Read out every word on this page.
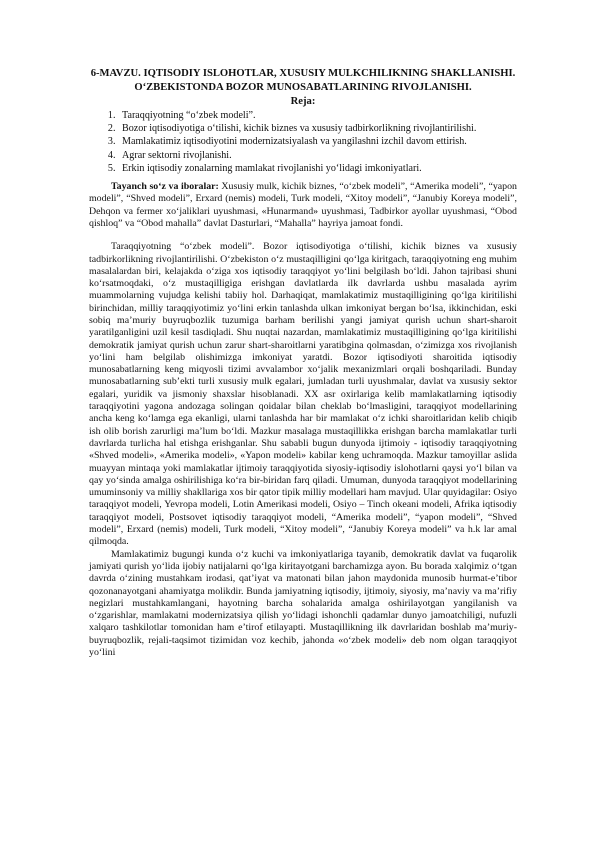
6-MAVZU. IQTISODIY ISLOHOTLAR, XUSUSIY MULKCHILIKNING SHAKLLANISHI. O‘ZBEKISTONDA BOZOR MUNOSABATLARINING RIVOJLANISHI.
Reja:
1. Taraqqiyotning “o‘zbek modeli”.
2. Bozor iqtisodiyotiga o‘tilishi, kichik biznes va xususiy tadbirkorlikning rivojlantirilishi.
3. Mamlakatimiz iqtisodiyotini modernizatsiyalash va yangilashni izchil davom ettirish.
4. Agrar sektorni rivojlanishi.
5. Erkin iqtisodiy zonalarning mamlakat rivojlanishi yo‘lidagi imkoniyatlari.

Tayanch so‘z va iboralar: Xususiy mulk, kichik biznes, “o‘zbek modeli”, “Amerika modeli”, “yapon modeli”, “Shved modeli”, Erxard (nemis) modeli, Turk modeli, “Xitoy modeli”, “Janubiy Koreya modeli”, Dehqon va fermer xo‘jaliklari uyushmasi, «Hunarmand» uyushmasi, Tadbirkor ayollar uyushmasi, “Obod qishloq” va “Obod mahalla” davlat Dasturlari, “Mahalla” hayriya jamoat fondi.

Taraqqiyotning “o‘zbek modeli”. Bozor iqtisodiyotiga o‘tilishi, kichik biznes va xususiy tadbirkorlikning rivojlantirilishi. O‘zbekiston o‘z mustaqilligini qo‘lga kiritgach, taraqqiyotning eng muhim masalalardan biri, kelajakda o‘ziga xos iqtisodiy taraqqiyot yo‘lini belgilash bo‘ldi. Jahon tajribasi shuni ko‘rsatmoqdaki, o‘z mustaqilligiga erishgan davlatlarda ilk davrlarda ushbu masalada ayrim muammolarning vujudga kelishi tabiiy hol. Darhaqiqat, mamlakatimiz mustaqilligining qo‘lga kiritilishi birinchidan, milliy taraqqiyotimiz yo‘lini erkin tanlashda ulkan imkoniyat bergan bo‘lsa, ikkinchidan, eski sobiq ma’muriy buyruqbozlik tuzumiga barham berilishi yangi jamiyat qurish uchun shart-sharoit yaratilganligini uzil kesil tasdiqladi. Shu nuqtai nazardan, mamlakatimiz mustaqilligining qo‘lga kiritilishi demokratik jamiyat qurish uchun zarur shart-sharoitlarni yaratibgina qolmasdan, o‘zimizga xos rivojlanish yo‘lini ham belgilab olishimizga imkoniyat yaratdi. Bozor iqtisodiyoti sharoitida iqtisodiy munosabatlarning keng miqyosli tizimi avvalambor xo‘jalik mexanizmlari orqali boshqariladi. Bunday munosabatlarning sub’ekti turli xususiy mulk egalari, jumladan turli uyushmalar, davlat va xususiy sektor egalari, yuridik va jismoniy shaxslar hisoblanadi. XX asr oxirlariga kelib mamlakatlarning iqtisodiy taraqqiyotini yagona andozaga solingan qoidalar bilan cheklab bo‘lmasligini, taraqqiyot modellarining ancha keng ko‘lamga ega ekanligi, ularni tanlashda har bir mamlakat o‘z ichki sharoitlaridan kelib chiqib ish olib borish zarurligi ma’lum bo‘ldi. Mazkur masalaga mustaqillikka erishgan barcha mamlakatlar turli davrlarda turlicha hal etishga erishganlar. Shu sababli bugun dunyoda ijtimoiy - iqtisodiy taraqqiyotning «Shved modeli», «Amerika modeli», «Yapon modeli» kabilar keng uchramoqda. Mazkur tamoyillar aslida muayyan mintaqa yoki mamlakatlar ijtimoiy taraqqiyotida siyosiy-iqtisodiy islohotlarni qaysi yo‘l bilan va qay yo‘sinda amalga oshirilishiga ko‘ra bir-biridan farq qiladi. Umuman, dunyoda taraqqiyot modellarining umuminsoniy va milliy shakllariga xos bir qator tipik milliy modellari ham mavjud. Ular quyidagilar: Osiyo taraqqiyot modeli, Yevropa modeli, Lotin Amerikasi modeli, Osiyo – Tinch okeani modeli, Afrika iqtisodiy taraqqiyot modeli, Postsovet iqtisodiy taraqqiyot modeli, “Amerika modeli”, “yapon modeli”, “Shved modeli”, Erxard (nemis) modeli, Turk modeli, “Xitoy modeli”, “Janubiy Koreya modeli” va h.k lar amal qilmoqda.

Mamlakatimiz bugungi kunda o‘z kuchi va imkoniyatlariga tayanib, demokratik davlat va fuqarolik jamiyati qurish yo‘lida ijobiy natijalarni qo‘lga kiritayotgani barchamizga ayon. Bu borada xalqimiz o‘tgan davrda o‘zining mustahkam irodasi, qat’iyat va matonati bilan jahon maydonida munosib hurmat-e’tibor qozonanayotgani ahamiyatga molikdir. Bunda jamiyatning iqtisodiy, ijtimoiy, siyosiy, ma’naviy va ma’rifiy negizlari mustahkamlangani, hayotning barcha sohalarida amalga oshirilayotgan yangilanish va o‘zgarishlar, mamlakatni modernizatsiya qilish yo‘lidagi ishonchli qadamlar dunyo jamoatchiligi, nufuzli xalqaro tashkilotlar tomonidan ham e’tirof etilayapti. Mustaqillikning ilk davrlaridan boshlab ma’muriy-buyruqbozlik, rejali-taqsimot tizimidan voz kechib, jahonda «o‘zbek modeli» deb nom olgan taraqqiyot yo‘lini
